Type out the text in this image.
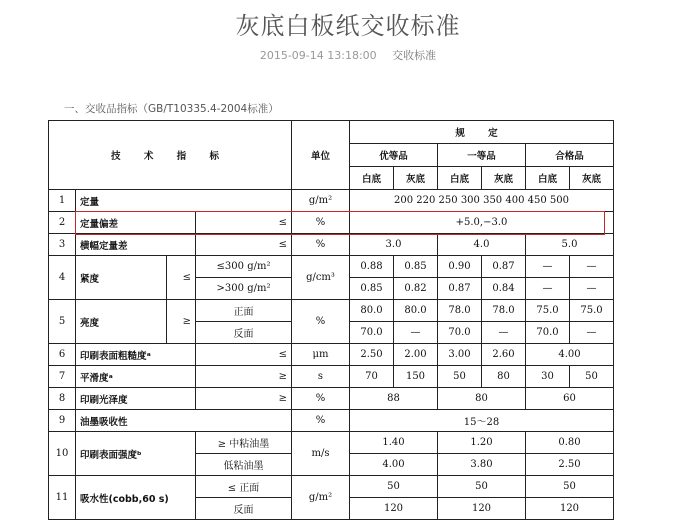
灰底白板纸交收标准
2015-09-14 13:18:00 交收标准
一、交收品指标（GB/T10335.4-2004标准）
技 术 指 标				单位	规 定					
					优等品		一等品		合格品	
					白底	灰底	白底	灰底	白底	灰底
1	定量			g/m²	200 220 250 300 350 400 450 500					
2	定量偏差		≤	%	+5.0,−3.0					
3	横幅定量差		≤	%	3.0		4.0		5.0	
4	紧度	≤	≤300 g/m²	g/cm³	0.88	0.85	0.90	0.87	—	—
			>300 g/m²		0.85	0.82	0.87	0.84	—	—
5	亮度	≥	正面	%	80.0	80.0	78.0	78.0	75.0	75.0
			反面		70.0	—	70.0	—	70.0	—
6	印刷表面粗糙度ᵃ		≤	μm	2.50	2.00	3.00	2.60	4.00	
7	平滑度ᵃ		≥	s	70	150	50	80	30	50
8	印刷光泽度		≥	%	88		80		60	
9	油墨吸收性			%	15～28					
10	印刷表面强度ᵇ		≥ 中粘油墨	m/s	1.40		1.20		0.80	
			低粘油墨		4.00		3.80		2.50	
11	吸水性(cobb,60 s)		≤ 正面	g/m²	50		50		50	
			反面		120		120		120	
